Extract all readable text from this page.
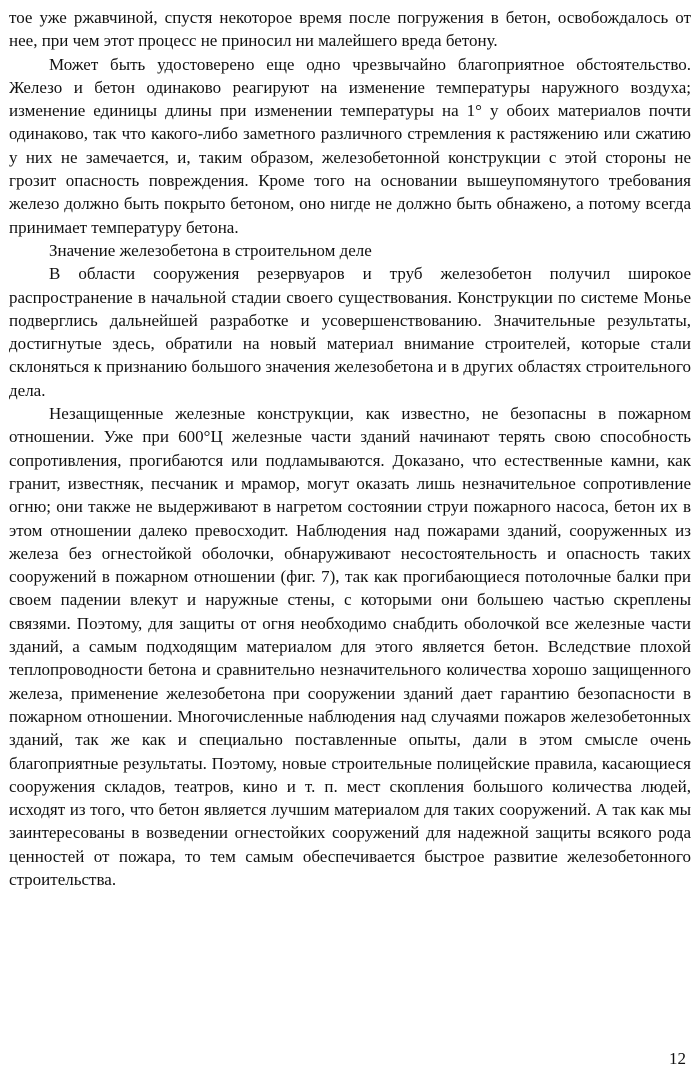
тое уже ржавчиной, спустя некоторое время после погружения в бетон, освобождалось от нее, при чем этот процесс не приносил ни малейшего вреда бетону.

Может быть удостоверено еще одно чрезвычайно благоприятное обстоятельство. Железо и бетон одинаково реагируют на изменение температуры наружного воздуха; изменение единицы длины при изменении температуры на 1° у обоих материалов почти одинаково, так что какого-либо заметного различного стремления к растяжению или сжатию у них не замечается, и, таким образом, железобетонной конструкции с этой стороны не грозит опасность повреждения. Кроме того на основании вышеупомянутого требования железо должно быть покрыто бетоном, оно нигде не должно быть обнажено, а потому всегда принимает температуру бетона.

Значение железобетона в строительном деле

В области сооружения резервуаров и труб железобетон получил широкое распространение в начальной стадии своего существования. Конструкции по системе Монье подверглись дальнейшей разработке и усовершенствованию. Значительные результаты, достигнутые здесь, обратили на новый материал внимание строителей, которые стали склоняться к признанию большого значения железобетона и в других областях строительного дела.

Незащищенные железные конструкции, как известно, не безопасны в пожарном отношении. Уже при 600°Ц железные части зданий начинают терять свою способность сопротивления, прогибаются или подламываются. Доказано, что естественные камни, как гранит, известняк, песчаник и мрамор, могут оказать лишь незначительное сопротивление огню; они также не выдерживают в нагретом состоянии струи пожарного насоса, бетон их в этом отношении далеко превосходит. Наблюдения над пожарами зданий, сооруженных из железа без огнестойкой оболочки, обнаруживают несостоятельность и опасность таких сооружений в пожарном отношении (фиг. 7), так как прогибающиеся потолочные балки при своем падении влекут и наружные стены, с которыми они большею частью скреплены связями. Поэтому, для защиты от огня необходимо снабдить оболочкой все железные части зданий, а самым подходящим материалом для этого является бетон. Вследствие плохой теплопроводности бетона и сравнительно незначительного количества хорошо защищенного железа, применение железобетона при сооружении зданий дает гарантию безопасности в пожарном отношении. Многочисленные наблюдения над случаями пожаров железобетонных зданий, так же как и специально поставленные опыты, дали в этом смысле очень благоприятные результаты. Поэтому, новые строительные полицейские правила, касающиеся сооружения складов, театров, кино и т. п. мест скопления большого количества людей, исходят из того, что бетон является лучшим материалом для таких сооружений. А так как мы заинтересованы в возведении огнестойких сооружений для надежной защиты всякого рода ценностей от пожара, то тем самым обеспечивается быстрое развитие железобетонного строительства.

12
